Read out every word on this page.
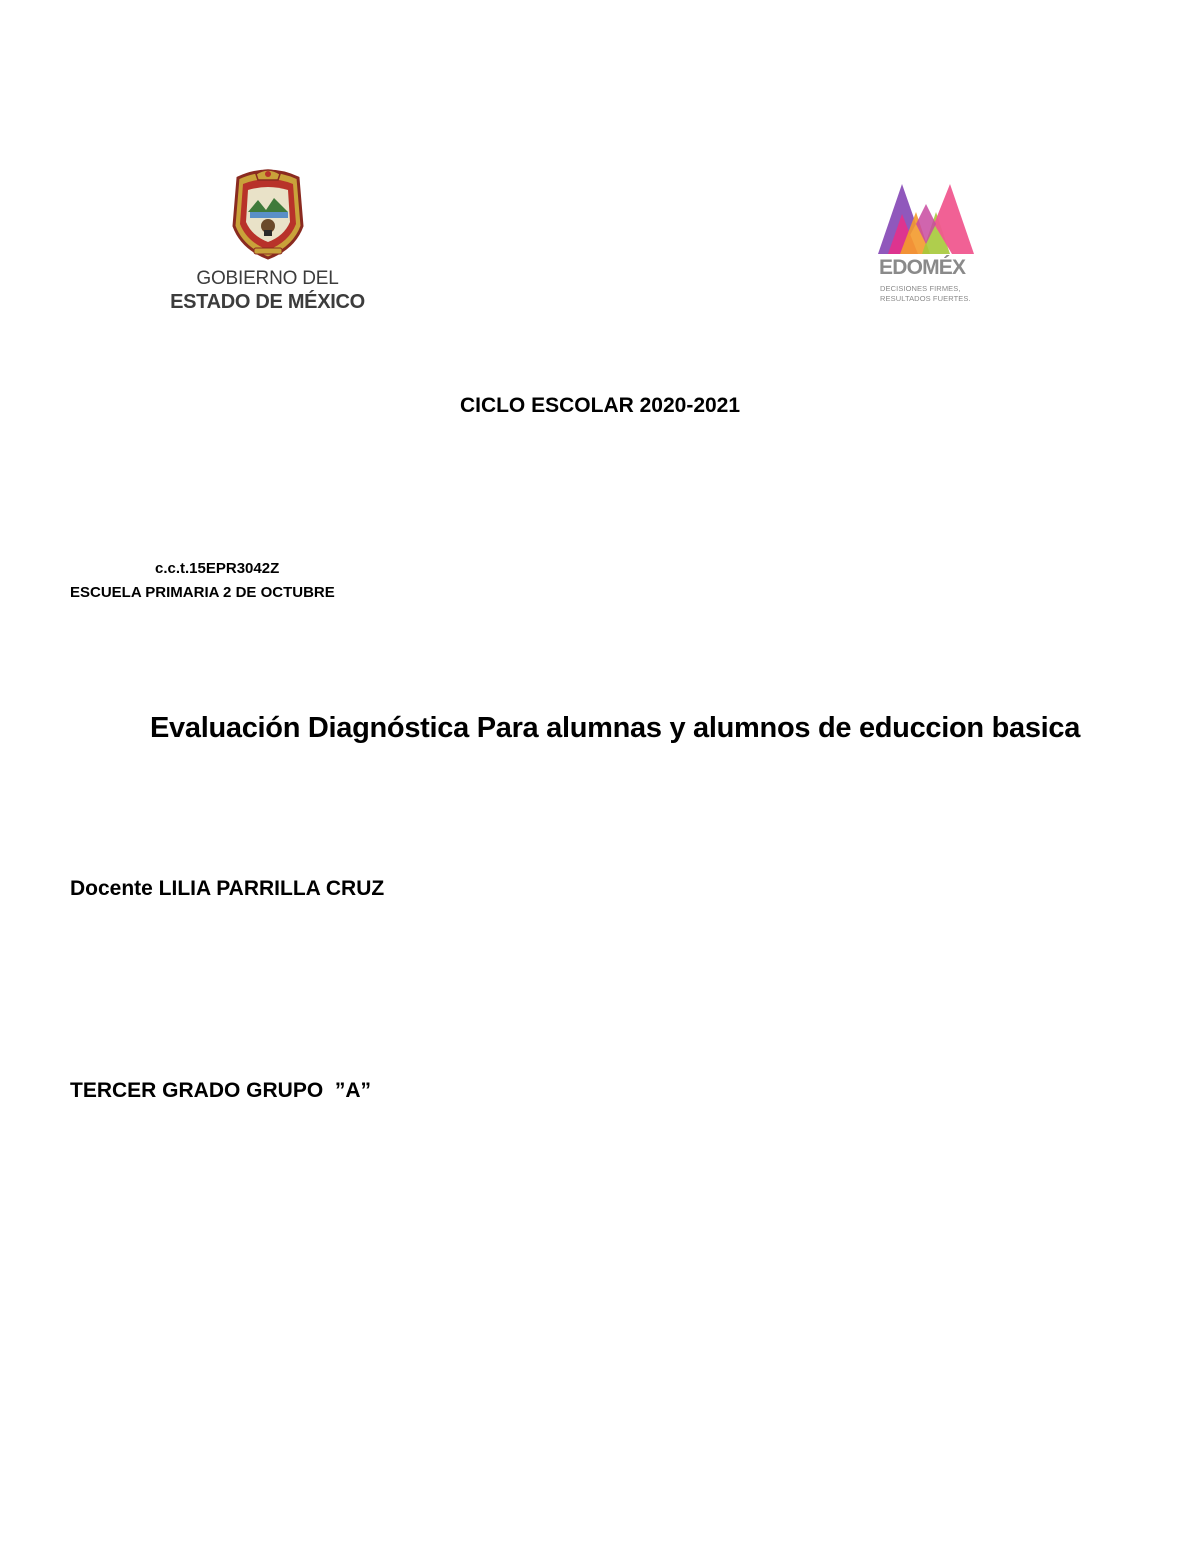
GOBIERNO DEL
ESTADO DE MÉXICO
EDOMÉX
DECISIONES FIRMES,
RESULTADOS FUERTES.
CICLO ESCOLAR 2020-2021
c.c.t.15EPR3042Z
ESCUELA PRIMARIA 2 DE OCTUBRE
Evaluación Diagnóstica Para alumnas y alumnos de educcion basica
Docente LILIA PARRILLA CRUZ
TERCER GRADO GRUPO  ”A”
